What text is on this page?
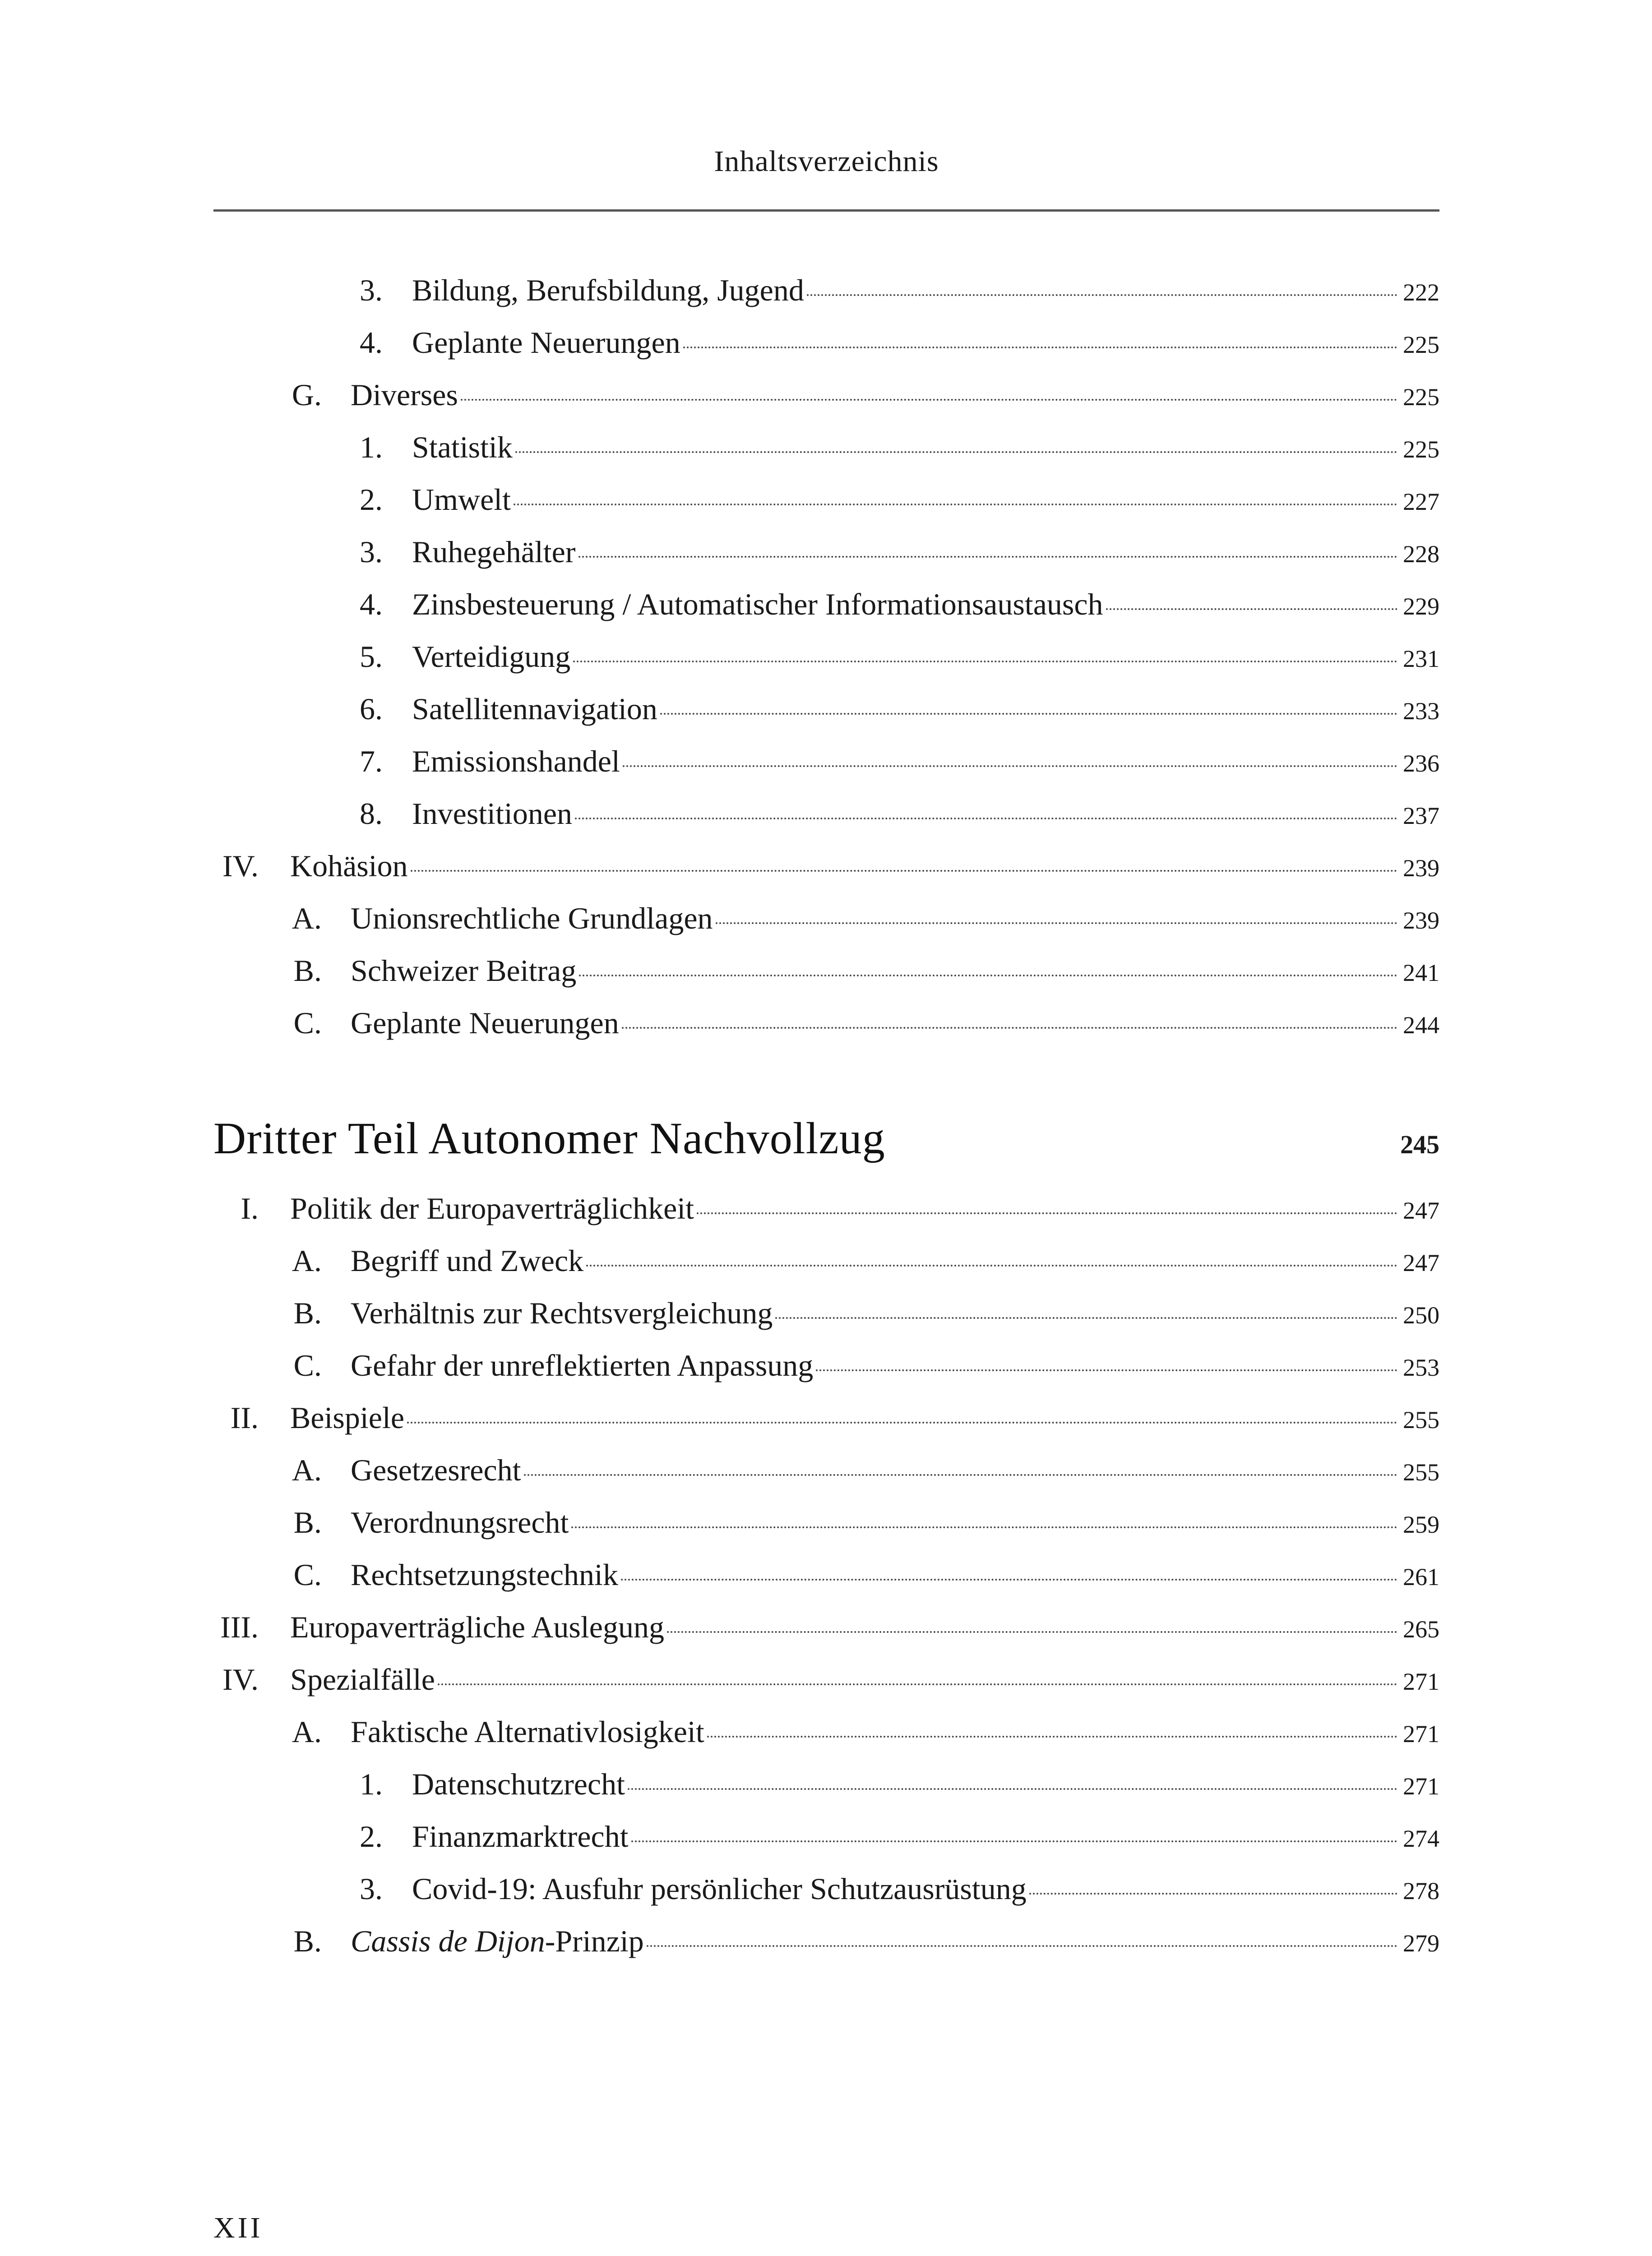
Inhaltsverzeichnis
3. Bildung, Berufsbildung, Jugend	222
4. Geplante Neuerungen	225
G. Diverses	225
1. Statistik	225
2. Umwelt	227
3. Ruhegehälter	228
4. Zinsbesteuerung / Automatischer Informationsaustausch	229
5. Verteidigung	231
6. Satellitennavigation	233
7. Emissionshandel	236
8. Investitionen	237
IV. Kohäsion	239
A. Unionsrechtliche Grundlagen	239
B. Schweizer Beitrag	241
C. Geplante Neuerungen	244
Dritter Teil Autonomer Nachvollzug	245
I. Politik der Europaverträglichkeit	247
A. Begriff und Zweck	247
B. Verhältnis zur Rechtsvergleichung	250
C. Gefahr der unreflektierten Anpassung	253
II. Beispiele	255
A. Gesetzesrecht	255
B. Verordnungsrecht	259
C. Rechtsetzungstechnik	261
III. Europaverträgliche Auslegung	265
IV. Spezialfälle	271
A. Faktische Alternativlosigkeit	271
1. Datenschutzrecht	271
2. Finanzmarktrecht	274
3. Covid-19: Ausfuhr persönlicher Schutzausrüstung	278
B. Cassis de Dijon-Prinzip	279
XII
